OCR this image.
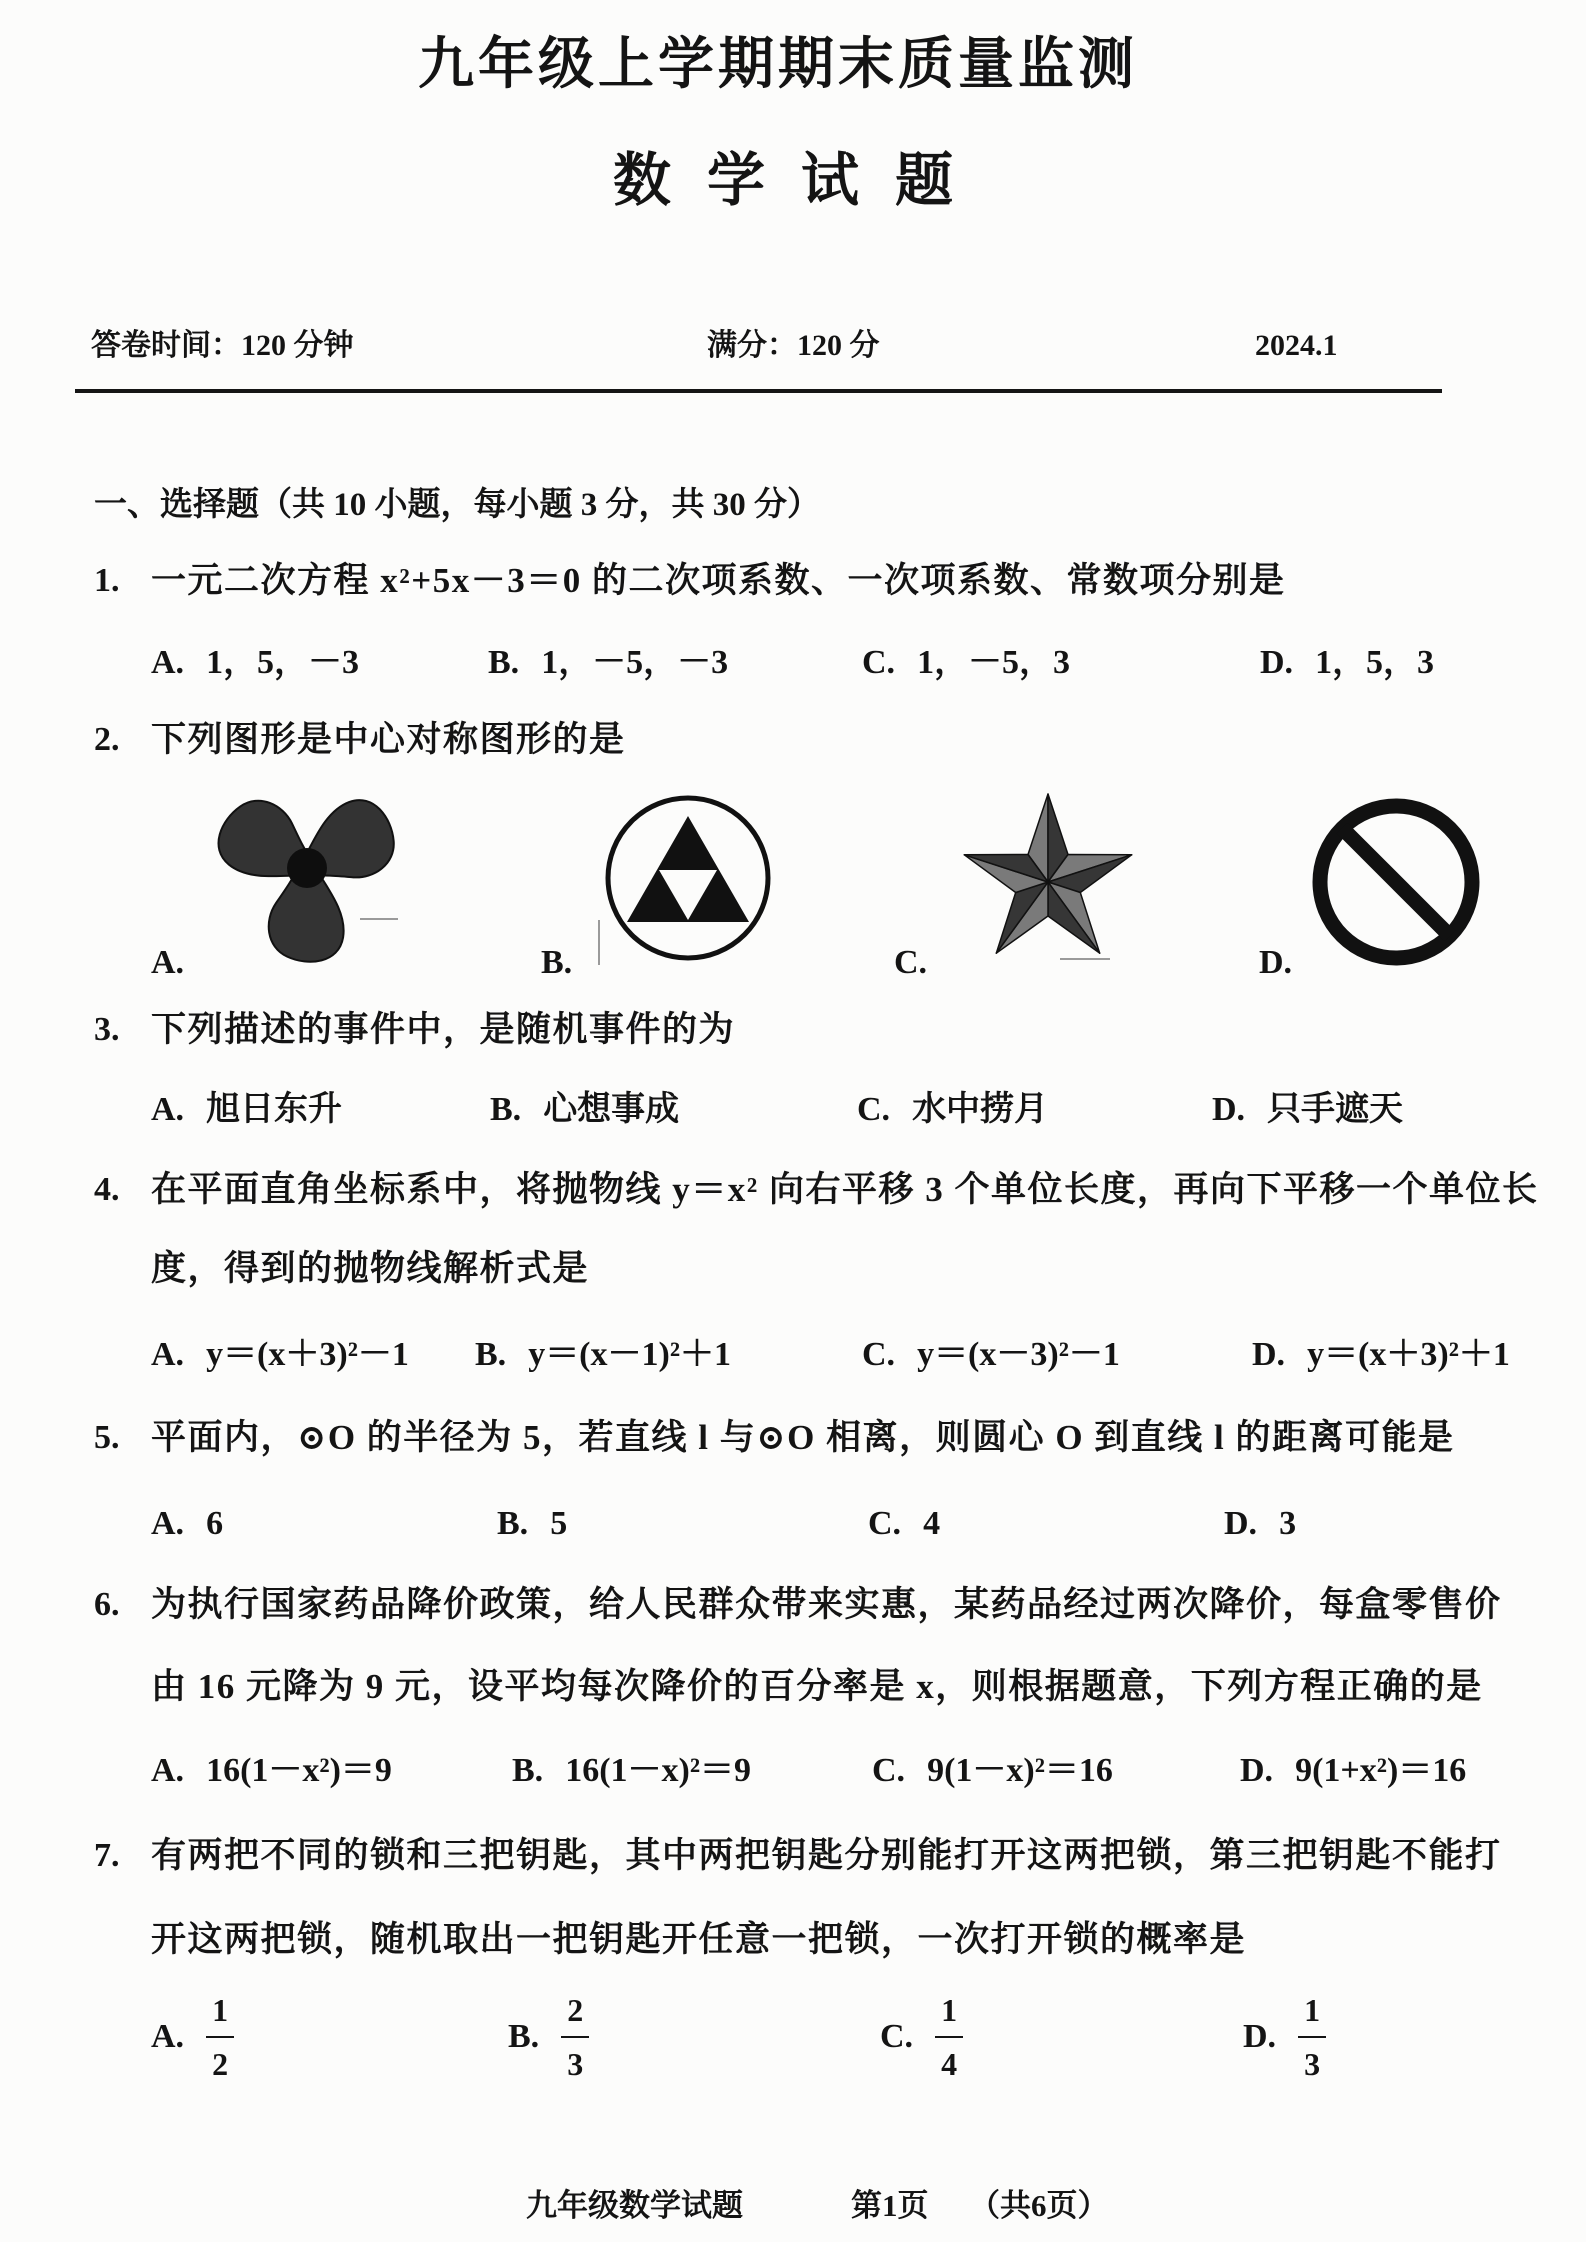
九年级上学期期末质量监测
数学试题
答卷时间：120 分钟	满分：120 分	2024.1
一、选择题（共 10 小题，每小题 3 分，共 30 分）
1. 一元二次方程 x²+5x－3＝0 的二次项系数、一次项系数、常数项分别是
A. 1，5，－3	B. 1，－5，－3	C. 1，－5，3	D. 1，5，3
2. 下列图形是中心对称图形的是
A.	B.	C.	D.
3. 下列描述的事件中，是随机事件的为
A. 旭日东升	B. 心想事成	C. 水中捞月	D. 只手遮天
4. 在平面直角坐标系中，将抛物线 y＝x² 向右平移 3 个单位长度，再向下平移一个单位长
度，得到的抛物线解析式是
A. y＝(x＋3)²－1 B. y＝(x－1)²＋1	C. y＝(x－3)²－1	D. y＝(x＋3)²＋1
5. 平面内，⊙O 的半径为 5，若直线 l 与⊙O 相离，则圆心 O 到直线 l 的距离可能是
A. 6	B. 5	C. 4	D. 3
6. 为执行国家药品降价政策，给人民群众带来实惠，某药品经过两次降价，每盒零售价
由 16 元降为 9 元，设平均每次降价的百分率是 x，则根据题意，下列方程正确的是
A. 16(1－x²)＝9	B. 16(1－x)²＝9	C. 9(1－x)²＝16	D. 9(1+x²)＝16
7. 有两把不同的锁和三把钥匙，其中两把钥匙分别能打开这两把锁，第三把钥匙不能打
开这两把锁，随机取出一把钥匙开任意一把锁，一次打开锁的概率是
A. $\frac{1}{2}$	B. $\frac{2}{3}$	C. $\frac{1}{4}$	D. $\frac{1}{3}$
九年级数学试题	第1页 （共6页）
